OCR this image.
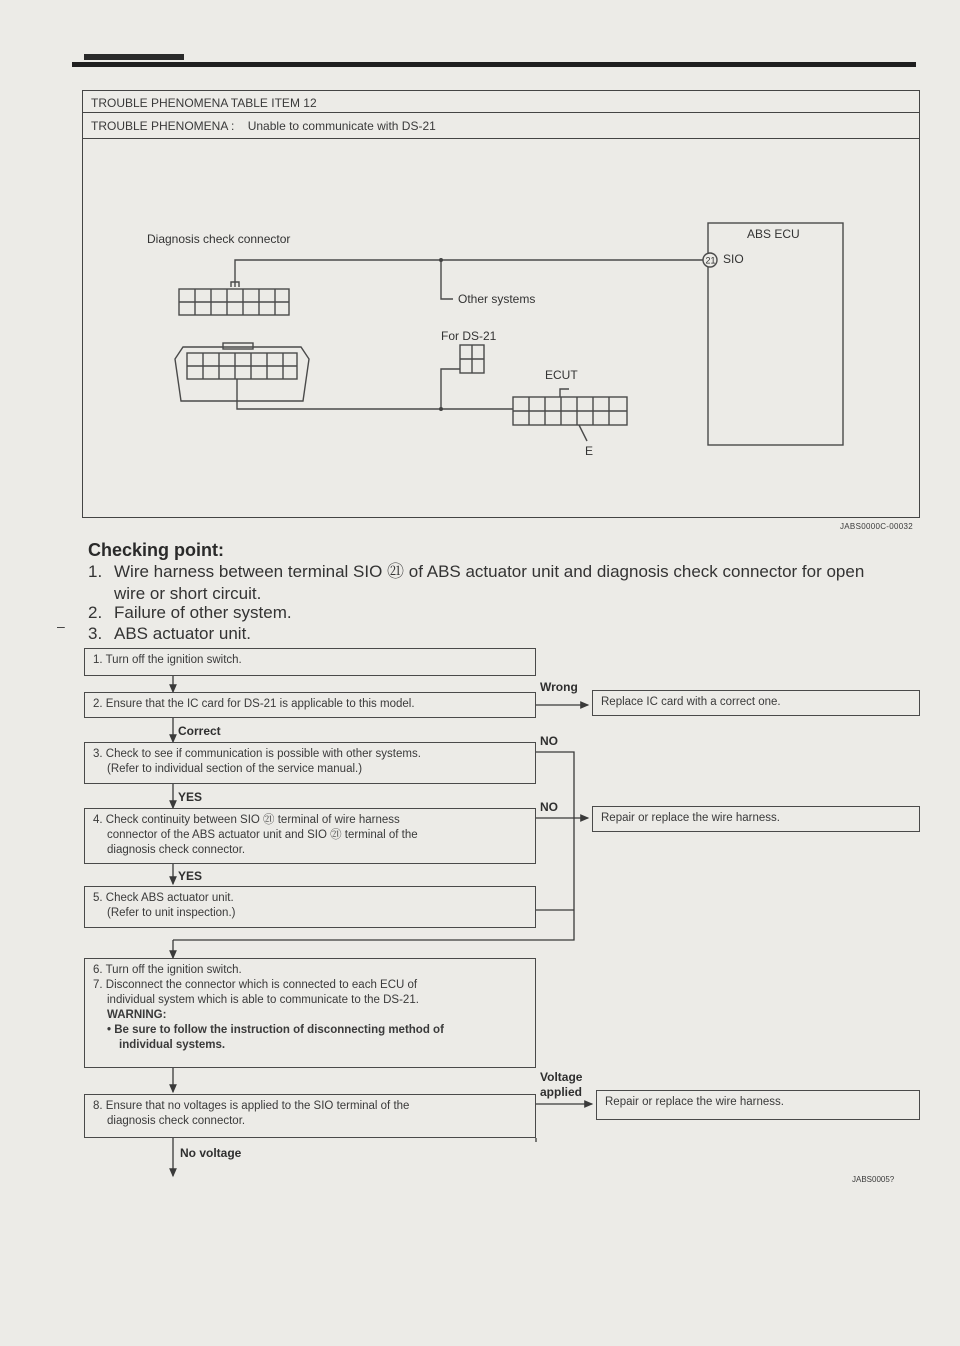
TROUBLE PHENOMENA TABLE ITEM 12
TROUBLE PHENOMENA : Unable to communicate with DS-21
Diagnosis check connector	ABS ECU
21 SIO
Other systems
For DS-21
ECUT
E
JABS0000C-00032
Checking point:
1. Wire harness between terminal SIO ㉑ of ABS actuator unit and diagnosis check connector for open
wire or short circuit.
2. Failure of other system.
3. ABS actuator unit.
–
1. Turn off the ignition switch.
2. Ensure that the IC card for DS-21 is applicable to this model.
Wrong
Replace IC card with a correct one.
Correct
3. Check to see if communication is possible with other systems.
(Refer to individual section of the service manual.)
NO
YES
4. Check continuity between SIO ㉑ terminal of wire harness
connector of the ABS actuator unit and SIO ㉑ terminal of the
diagnosis check connector.
NO
Repair or replace the wire harness.
YES
5. Check ABS actuator unit.
(Refer to unit inspection.)
6. Turn off the ignition switch.
7. Disconnect the connector which is connected to each ECU of
individual system which is able to communicate to the DS-21.
WARNING:
• Be sure to follow the instruction of disconnecting method of
individual systems.
Voltage
applied
8. Ensure that no voltages is applied to the SIO terminal of the
diagnosis check connector.
Repair or replace the wire harness.
No voltage
JABS0005?
